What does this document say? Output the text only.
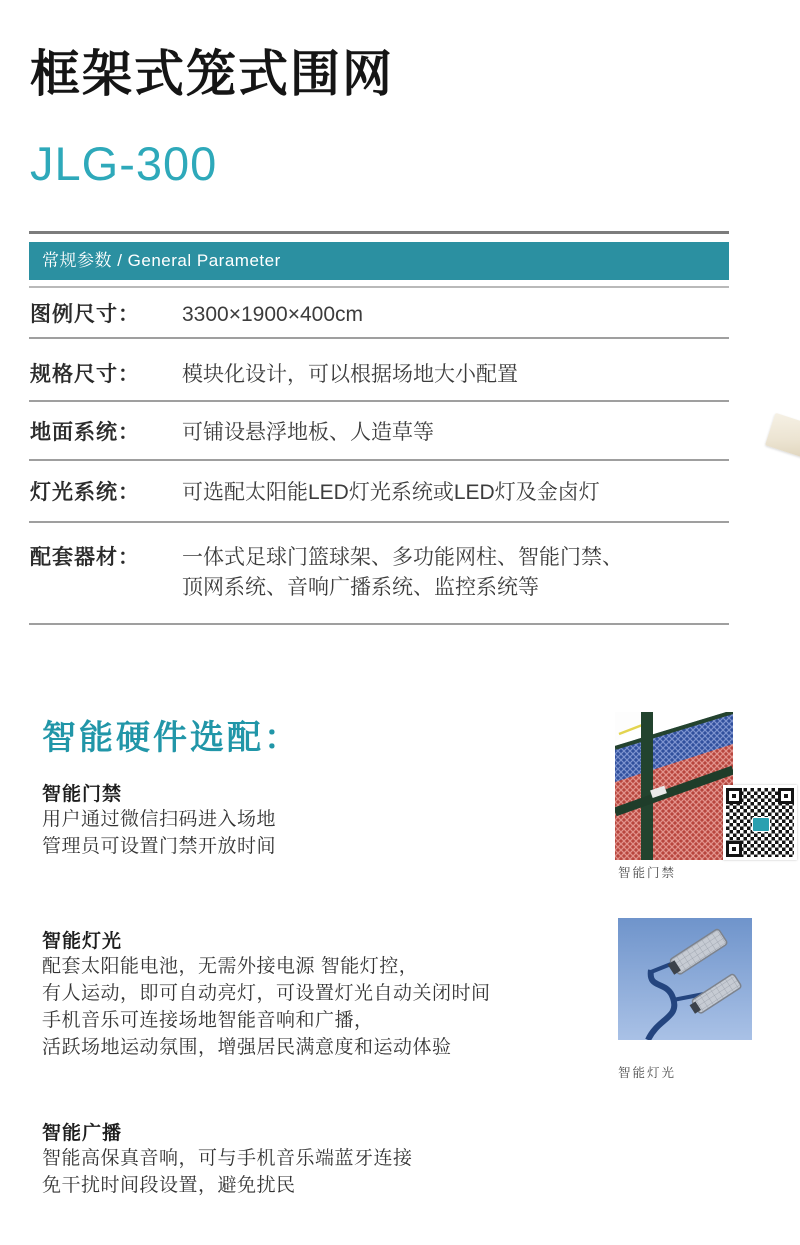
框架式笼式围网
JLG-300
常规参数 / General Parameter
图例尺寸：	3300×1900×400cm
规格尺寸：	模块化设计，可以根据场地大小配置
地面系统：	可铺设悬浮地板、人造草等
灯光系统：	可选配太阳能LED灯光系统或LED灯及金卤灯
配套器材：	一体式足球门篮球架、多功能网柱、智能门禁、
顶网系统、音响广播系统、监控系统等
智能硬件选配：
智能门禁
用户通过微信扫码进入场地
管理员可设置门禁开放时间
智能门禁
智能灯光
配套太阳能电池，无需外接电源 智能灯控，
有人运动，即可自动亮灯，可设置灯光自动关闭时间
手机音乐可连接场地智能音响和广播，
活跃场地运动氛围，增强居民满意度和运动体验
智能灯光
智能广播
智能高保真音响，可与手机音乐端蓝牙连接
免干扰时间段设置，避免扰民
